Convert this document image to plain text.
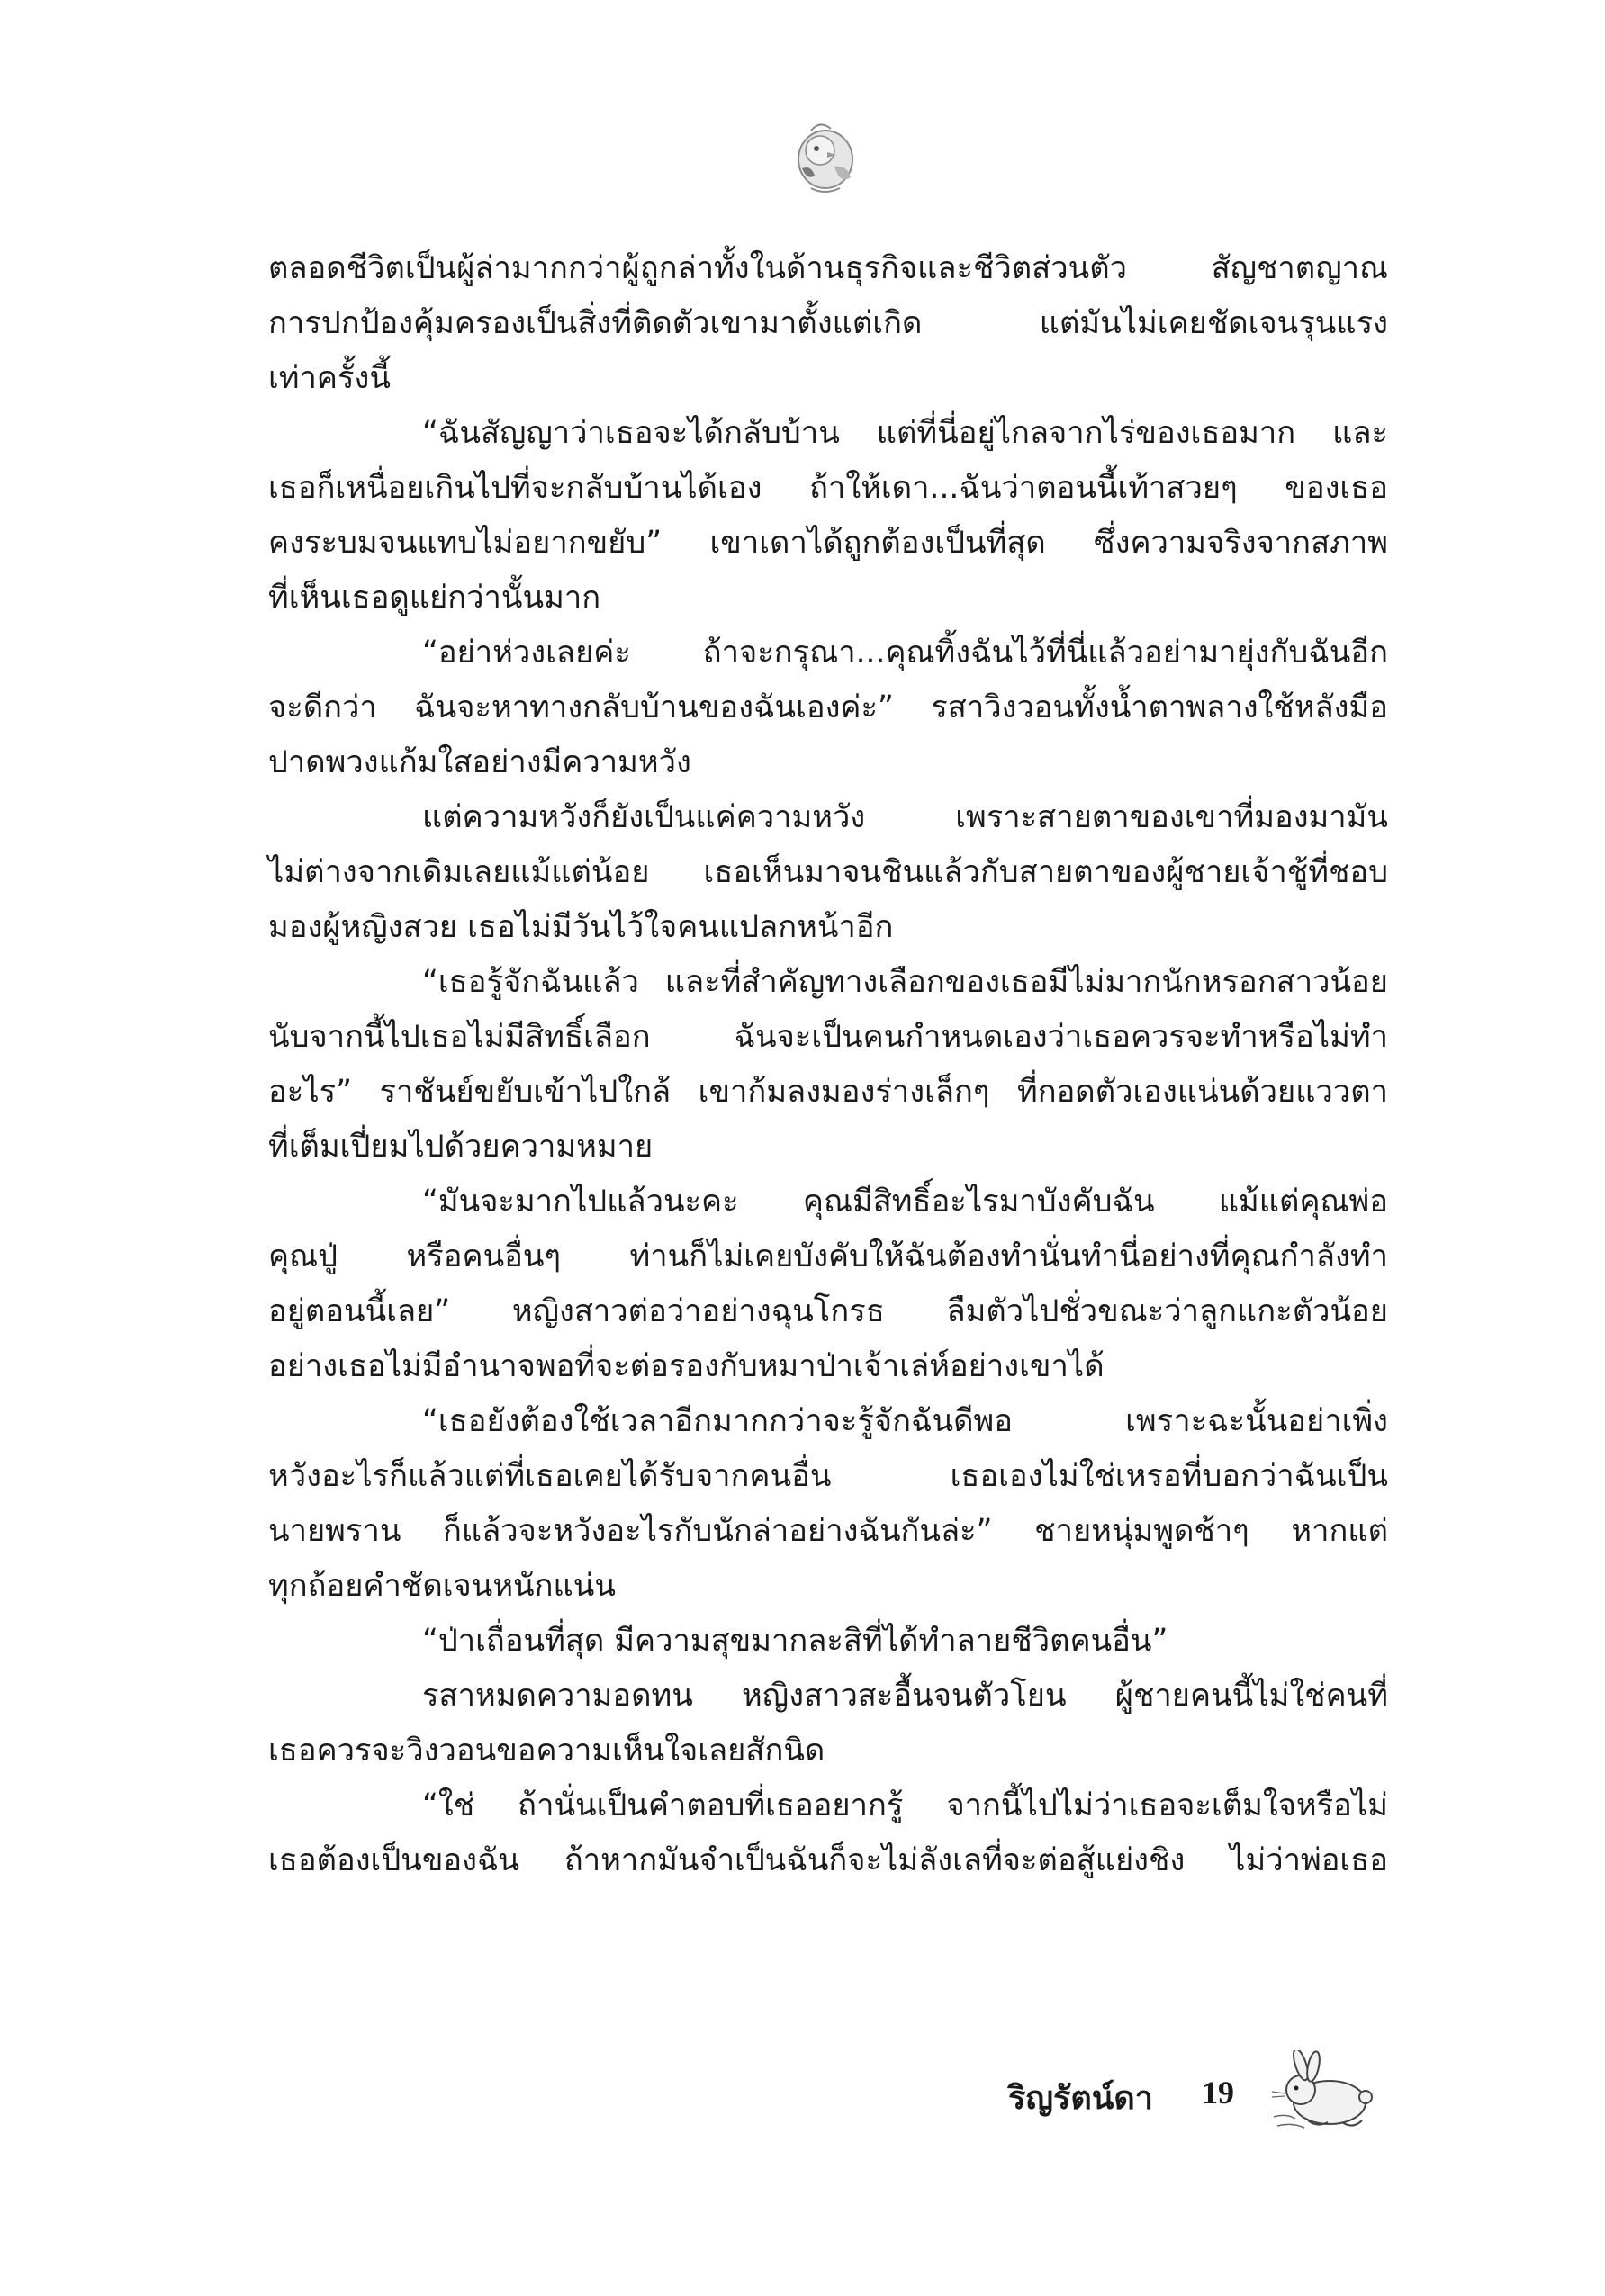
ตลอดชีวิตเป็นผู้ล่ามากกว่าผู้ถูกล่าทั้งในด้านธุรกิจและชีวิตส่วนตัว สัญชาตญาณ
การปกป้องคุ้มครองเป็นสิ่งที่ติดตัวเขามาตั้งแต่เกิด แต่มันไม่เคยชัดเจนรุนแรง
เท่าครั้งนี้
“ฉันสัญญาว่าเธอจะได้กลับบ้าน แต่ที่นี่อยู่ไกลจากไร่ของเธอมาก และ
เธอก็เหนื่อยเกินไปที่จะกลับบ้านได้เอง ถ้าให้เดา...ฉันว่าตอนนี้เท้าสวยๆ ของเธอ
คงระบมจนแทบไม่อยากขยับ” เขาเดาได้ถูกต้องเป็นที่สุด ซึ่งความจริงจากสภาพ
ที่เห็นเธอดูแย่กว่านั้นมาก
“อย่าห่วงเลยค่ะ ถ้าจะกรุณา...คุณทิ้งฉันไว้ที่นี่แล้วอย่ามายุ่งกับฉันอีก
จะดีกว่า ฉันจะหาทางกลับบ้านของฉันเองค่ะ” รสาวิงวอนทั้งน้ำตาพลางใช้หลังมือ
ปาดพวงแก้มใสอย่างมีความหวัง
แต่ความหวังก็ยังเป็นแค่ความหวัง เพราะสายตาของเขาที่มองมามัน
ไม่ต่างจากเดิมเลยแม้แต่น้อย เธอเห็นมาจนชินแล้วกับสายตาของผู้ชายเจ้าชู้ที่ชอบ
มองผู้หญิงสวย เธอไม่มีวันไว้ใจคนแปลกหน้าอีก
“เธอรู้จักฉันแล้ว และที่สำคัญทางเลือกของเธอมีไม่มากนักหรอกสาวน้อย
นับจากนี้ไปเธอไม่มีสิทธิ์เลือก ฉันจะเป็นคนกำหนดเองว่าเธอควรจะทำหรือไม่ทำ
อะไร” ราชันย์ขยับเข้าไปใกล้ เขาก้มลงมองร่างเล็กๆ ที่กอดตัวเองแน่นด้วยแววตา
ที่เต็มเปี่ยมไปด้วยความหมาย
“มันจะมากไปแล้วนะคะ คุณมีสิทธิ์อะไรมาบังคับฉัน แม้แต่คุณพ่อ
คุณปู่ หรือคนอื่นๆ ท่านก็ไม่เคยบังคับให้ฉันต้องทำนั่นทำนี่อย่างที่คุณกำลังทำ
อยู่ตอนนี้เลย” หญิงสาวต่อว่าอย่างฉุนโกรธ ลืมตัวไปชั่วขณะว่าลูกแกะตัวน้อย
อย่างเธอไม่มีอำนาจพอที่จะต่อรองกับหมาป่าเจ้าเล่ห์อย่างเขาได้
“เธอยังต้องใช้เวลาอีกมากกว่าจะรู้จักฉันดีพอ เพราะฉะนั้นอย่าเพิ่ง
หวังอะไรก็แล้วแต่ที่เธอเคยได้รับจากคนอื่น เธอเองไม่ใช่เหรอที่บอกว่าฉันเป็น
นายพราน ก็แล้วจะหวังอะไรกับนักล่าอย่างฉันกันล่ะ” ชายหนุ่มพูดช้าๆ หากแต่
ทุกถ้อยคำชัดเจนหนักแน่น
“ป่าเถื่อนที่สุด มีความสุขมากละสิที่ได้ทำลายชีวิตคนอื่น”
รสาหมดความอดทน หญิงสาวสะอื้นจนตัวโยน ผู้ชายคนนี้ไม่ใช่คนที่
เธอควรจะวิงวอนขอความเห็นใจเลยสักนิด
“ใช่ ถ้านั่นเป็นคำตอบที่เธออยากรู้ จากนี้ไปไม่ว่าเธอจะเต็มใจหรือไม่
เธอต้องเป็นของฉัน ถ้าหากมันจำเป็นฉันก็จะไม่ลังเลที่จะต่อสู้แย่งชิง ไม่ว่าพ่อเธอ
ริญรัตน์ดา 19
